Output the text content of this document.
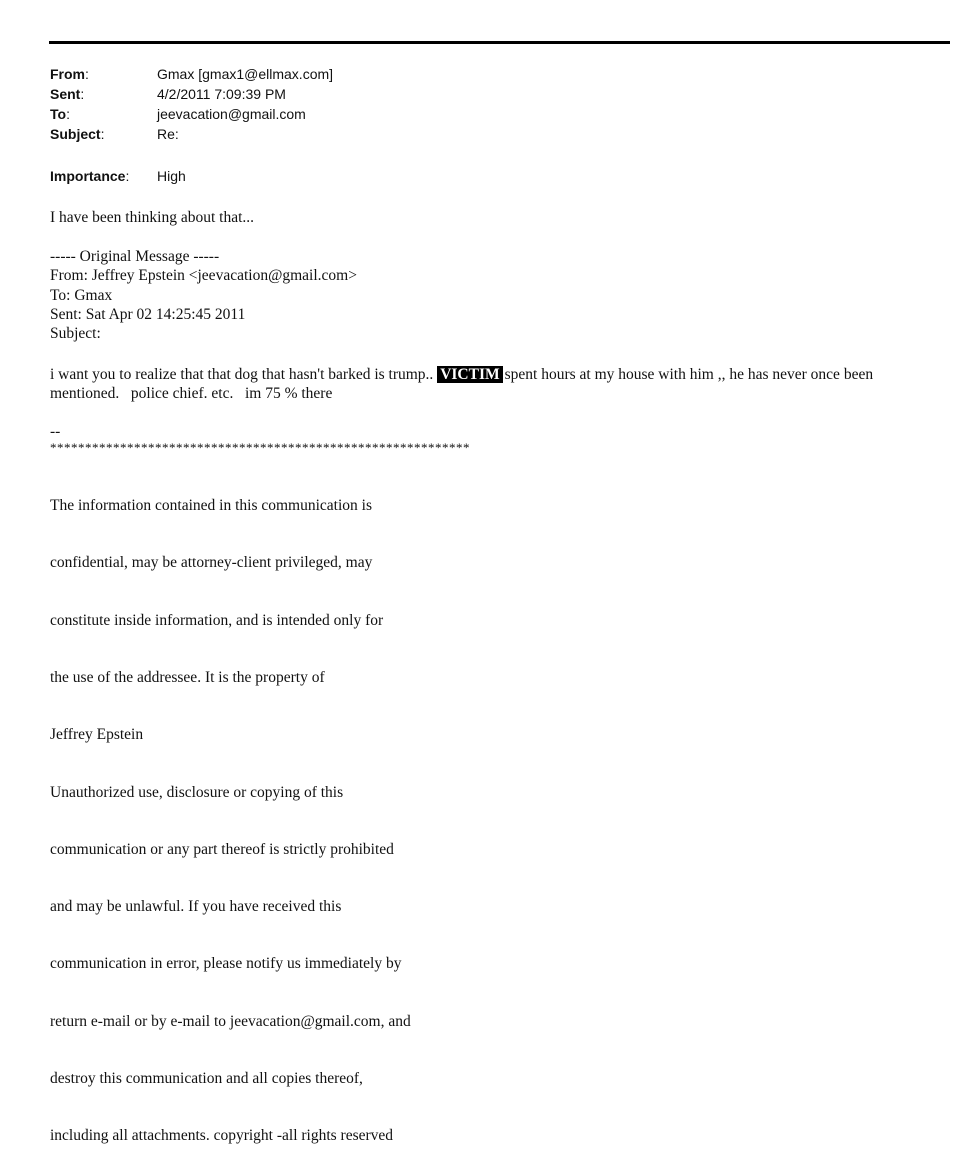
From:	Gmax [gmax1@ellmax.com]
Sent:	4/2/2011 7:09:39 PM
To:	jeevacation@gmail.com
Subject:	Re:
Importance: High
I have been thinking about that...
----- Original Message -----
From: Jeffrey Epstein <jeevacation@gmail.com>
To: Gmax
Sent: Sat Apr 02 14:25:45 2011
Subject:
i want you to realize that that dog that hasn't barked is trump.. VICTIM spent hours at my house with him ,, he has never once been
mentioned.   police chief. etc.   im 75 % there
--
************************************************************

The information contained in this communication is

confidential, may be attorney-client privileged, may

constitute inside information, and is intended only for

the use of the addressee. It is the property of

Jeffrey Epstein

Unauthorized use, disclosure or copying of this

communication or any part thereof is strictly prohibited

and may be unlawful. If you have received this

communication in error, please notify us immediately by

return e-mail or by e-mail to jeevacation@gmail.com, and

destroy this communication and all copies thereof,

including all attachments. copyright -all rights reserved
